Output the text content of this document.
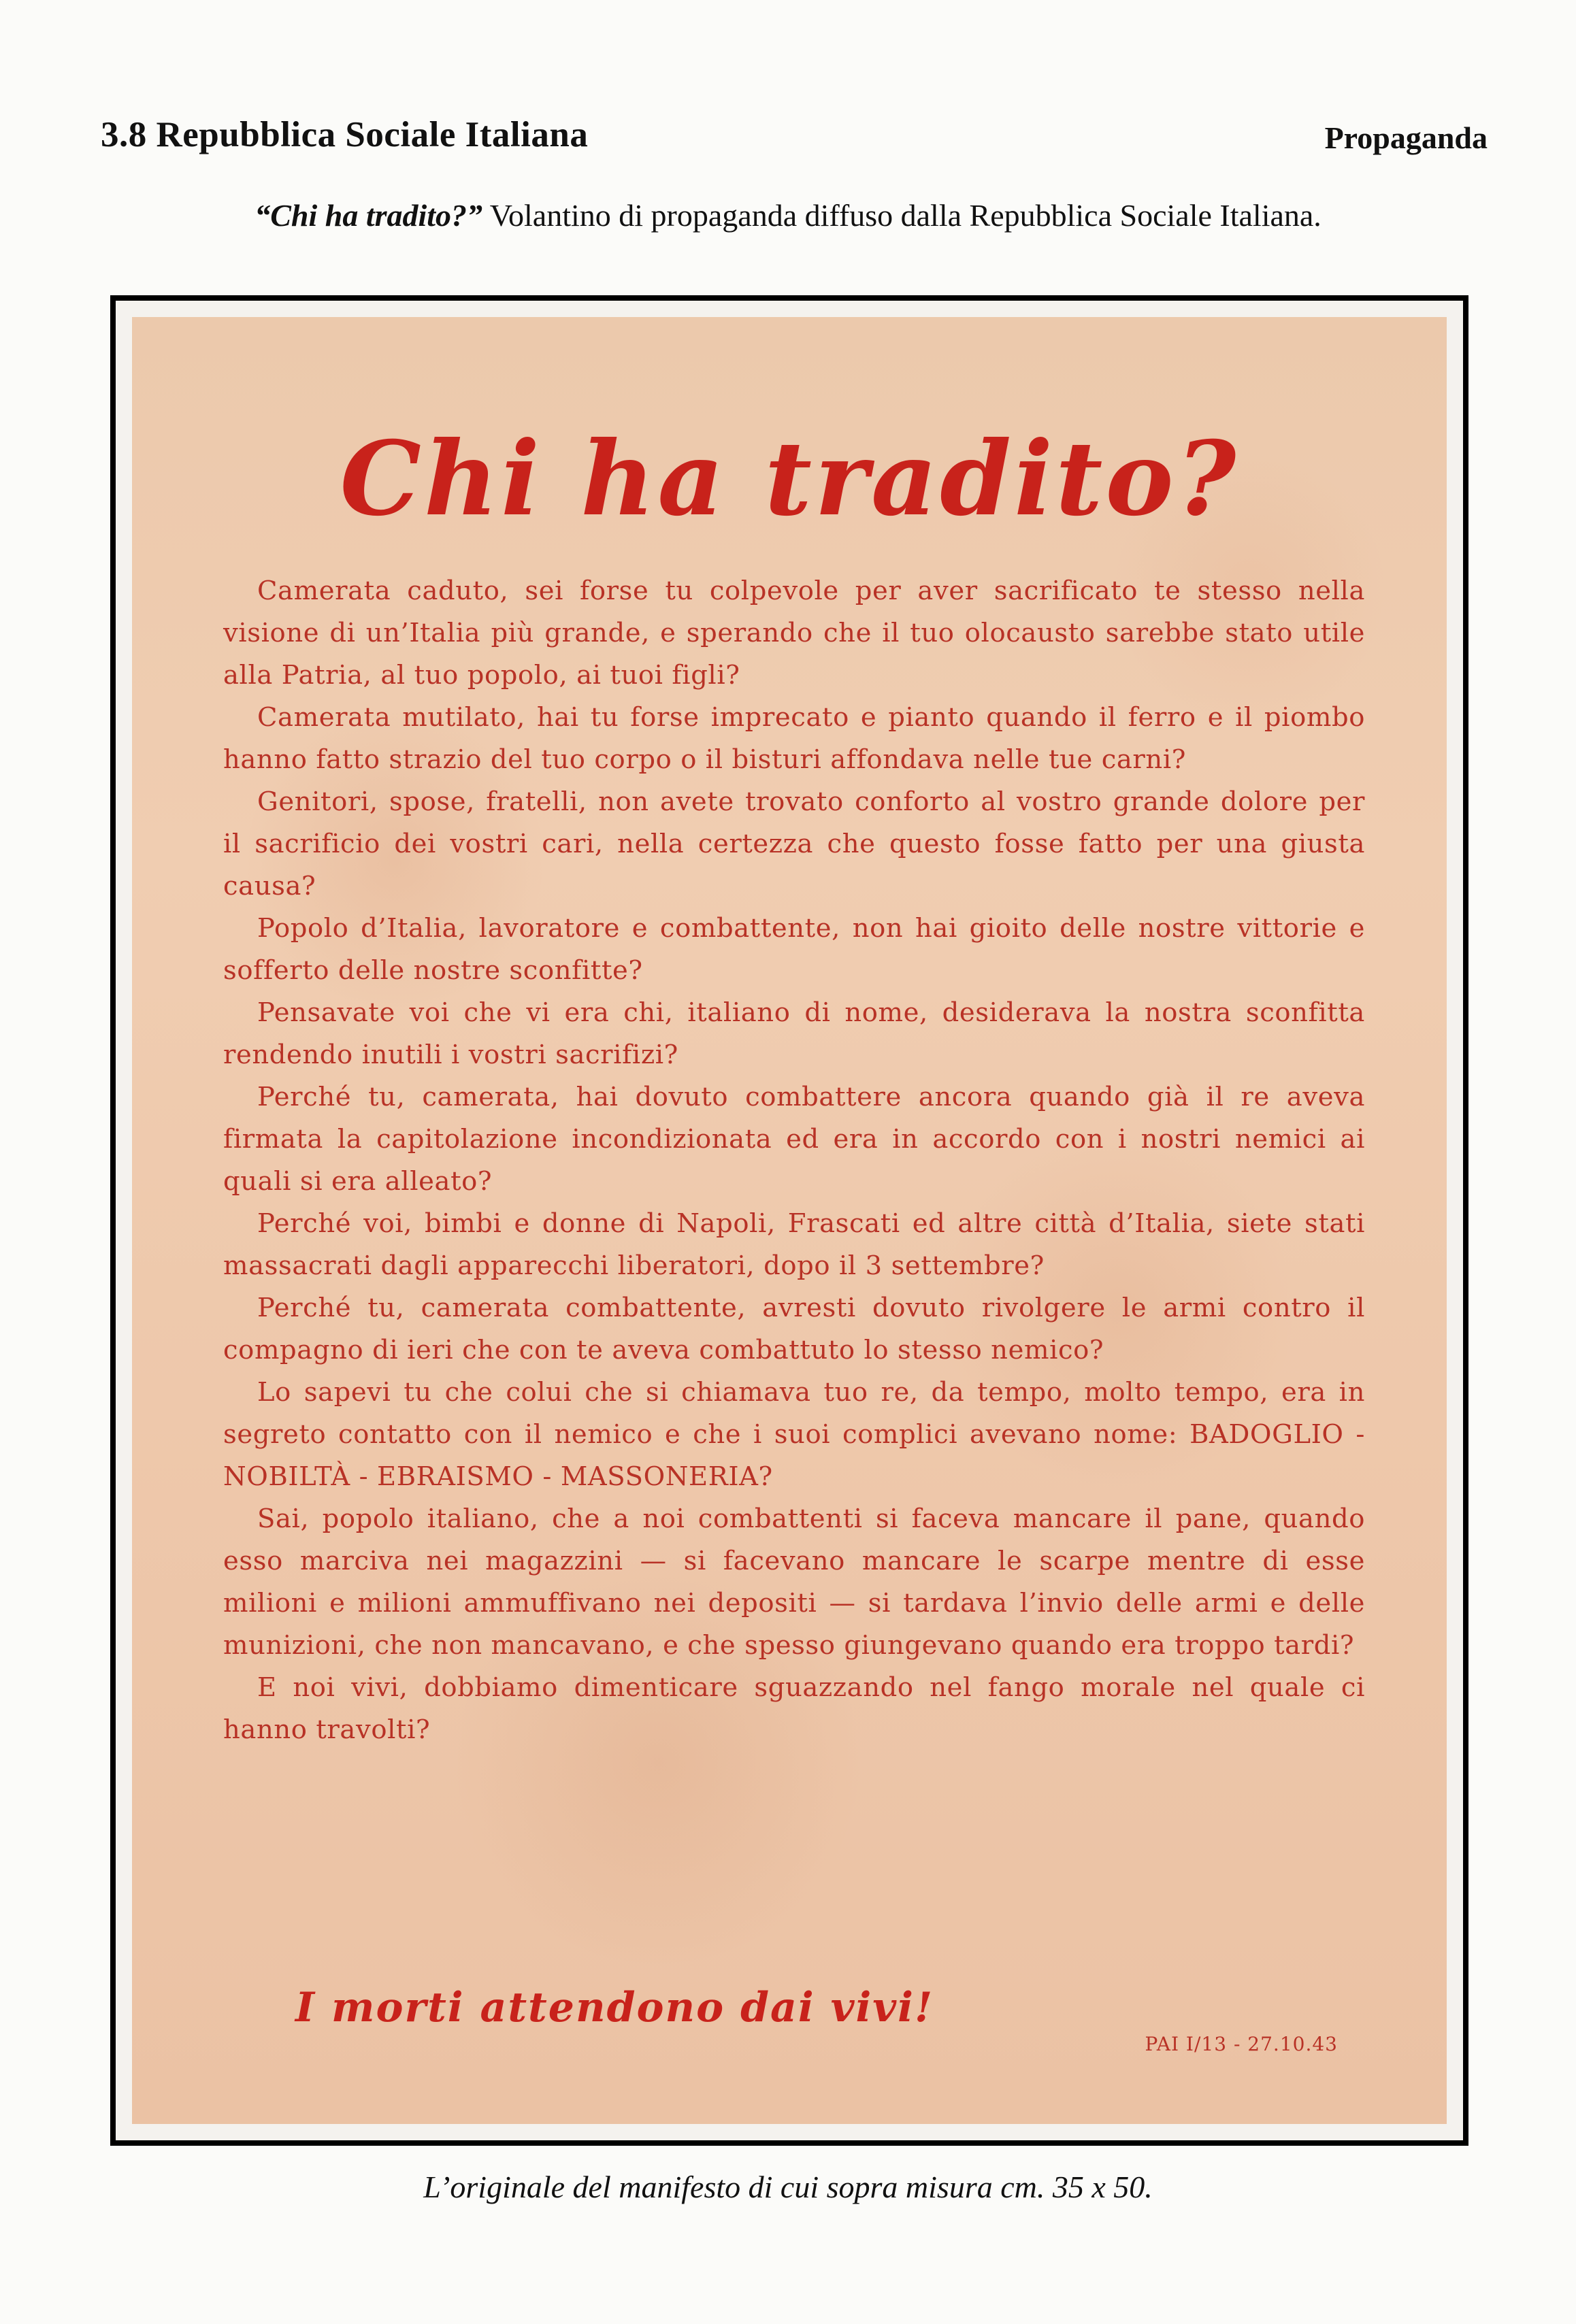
3.8 Repubblica Sociale Italiana	Propaganda
“Chi ha tradito?” Volantino di propaganda diffuso dalla Repubblica Sociale Italiana.
Chi ha tradito?

Camerata caduto, sei forse tu colpevole per aver sacrificato te stesso nella visione di un’Italia più grande, e sperando che il tuo olocausto sarebbe stato utile alla Patria, al tuo popolo, ai tuoi figli?

Camerata mutilato, hai tu forse imprecato e pianto quando il ferro e il piombo hanno fatto strazio del tuo corpo o il bisturi affondava nelle tue carni?

Genitori, spose, fratelli, non avete trovato conforto al vostro grande dolore per il sacrificio dei vostri cari, nella certezza che questo fosse fatto per una giusta causa?

Popolo d’Italia, lavoratore e combattente, non hai gioito delle nostre vittorie e sofferto delle nostre sconfitte?

Pensavate voi che vi era chi, italiano di nome, desiderava la nostra sconfitta rendendo inutili i vostri sacrifizi?

Perché tu, camerata, hai dovuto combattere ancora quando già il re aveva firmata la capitolazione incondizionata ed era in accordo con i nostri nemici ai quali si era alleato?

Perché voi, bimbi e donne di Napoli, Frascati ed altre città d’Italia, siete stati massacrati dagli apparecchi liberatori, dopo il 3 settembre?

Perché tu, camerata combattente, avresti dovuto rivolgere le armi contro il compagno di ieri che con te aveva combattuto lo stesso nemico?

Lo sapevi tu che colui che si chiamava tuo re, da tempo, molto tempo, era in segreto contatto con il nemico e che i suoi complici avevano nome: BADOGLIO - NOBILTÀ - EBRAISMO - MASSONERIA?

Sai, popolo italiano, che a noi combattenti si faceva mancare il pane, quando esso marciva nei magazzini — si facevano mancare le scarpe mentre di esse milioni e milioni ammuffivano nei depositi — si tardava l’invio delle armi e delle munizioni, che non mancavano, e che spesso giungevano quando era troppo tardi?

E noi vivi, dobbiamo dimenticare sguazzando nel fango morale nel quale ci hanno travolti?

I morti attendono dai vivi!
PAI I/13 - 27.10.43
L’originale del manifesto di cui sopra misura cm. 35 x 50.
